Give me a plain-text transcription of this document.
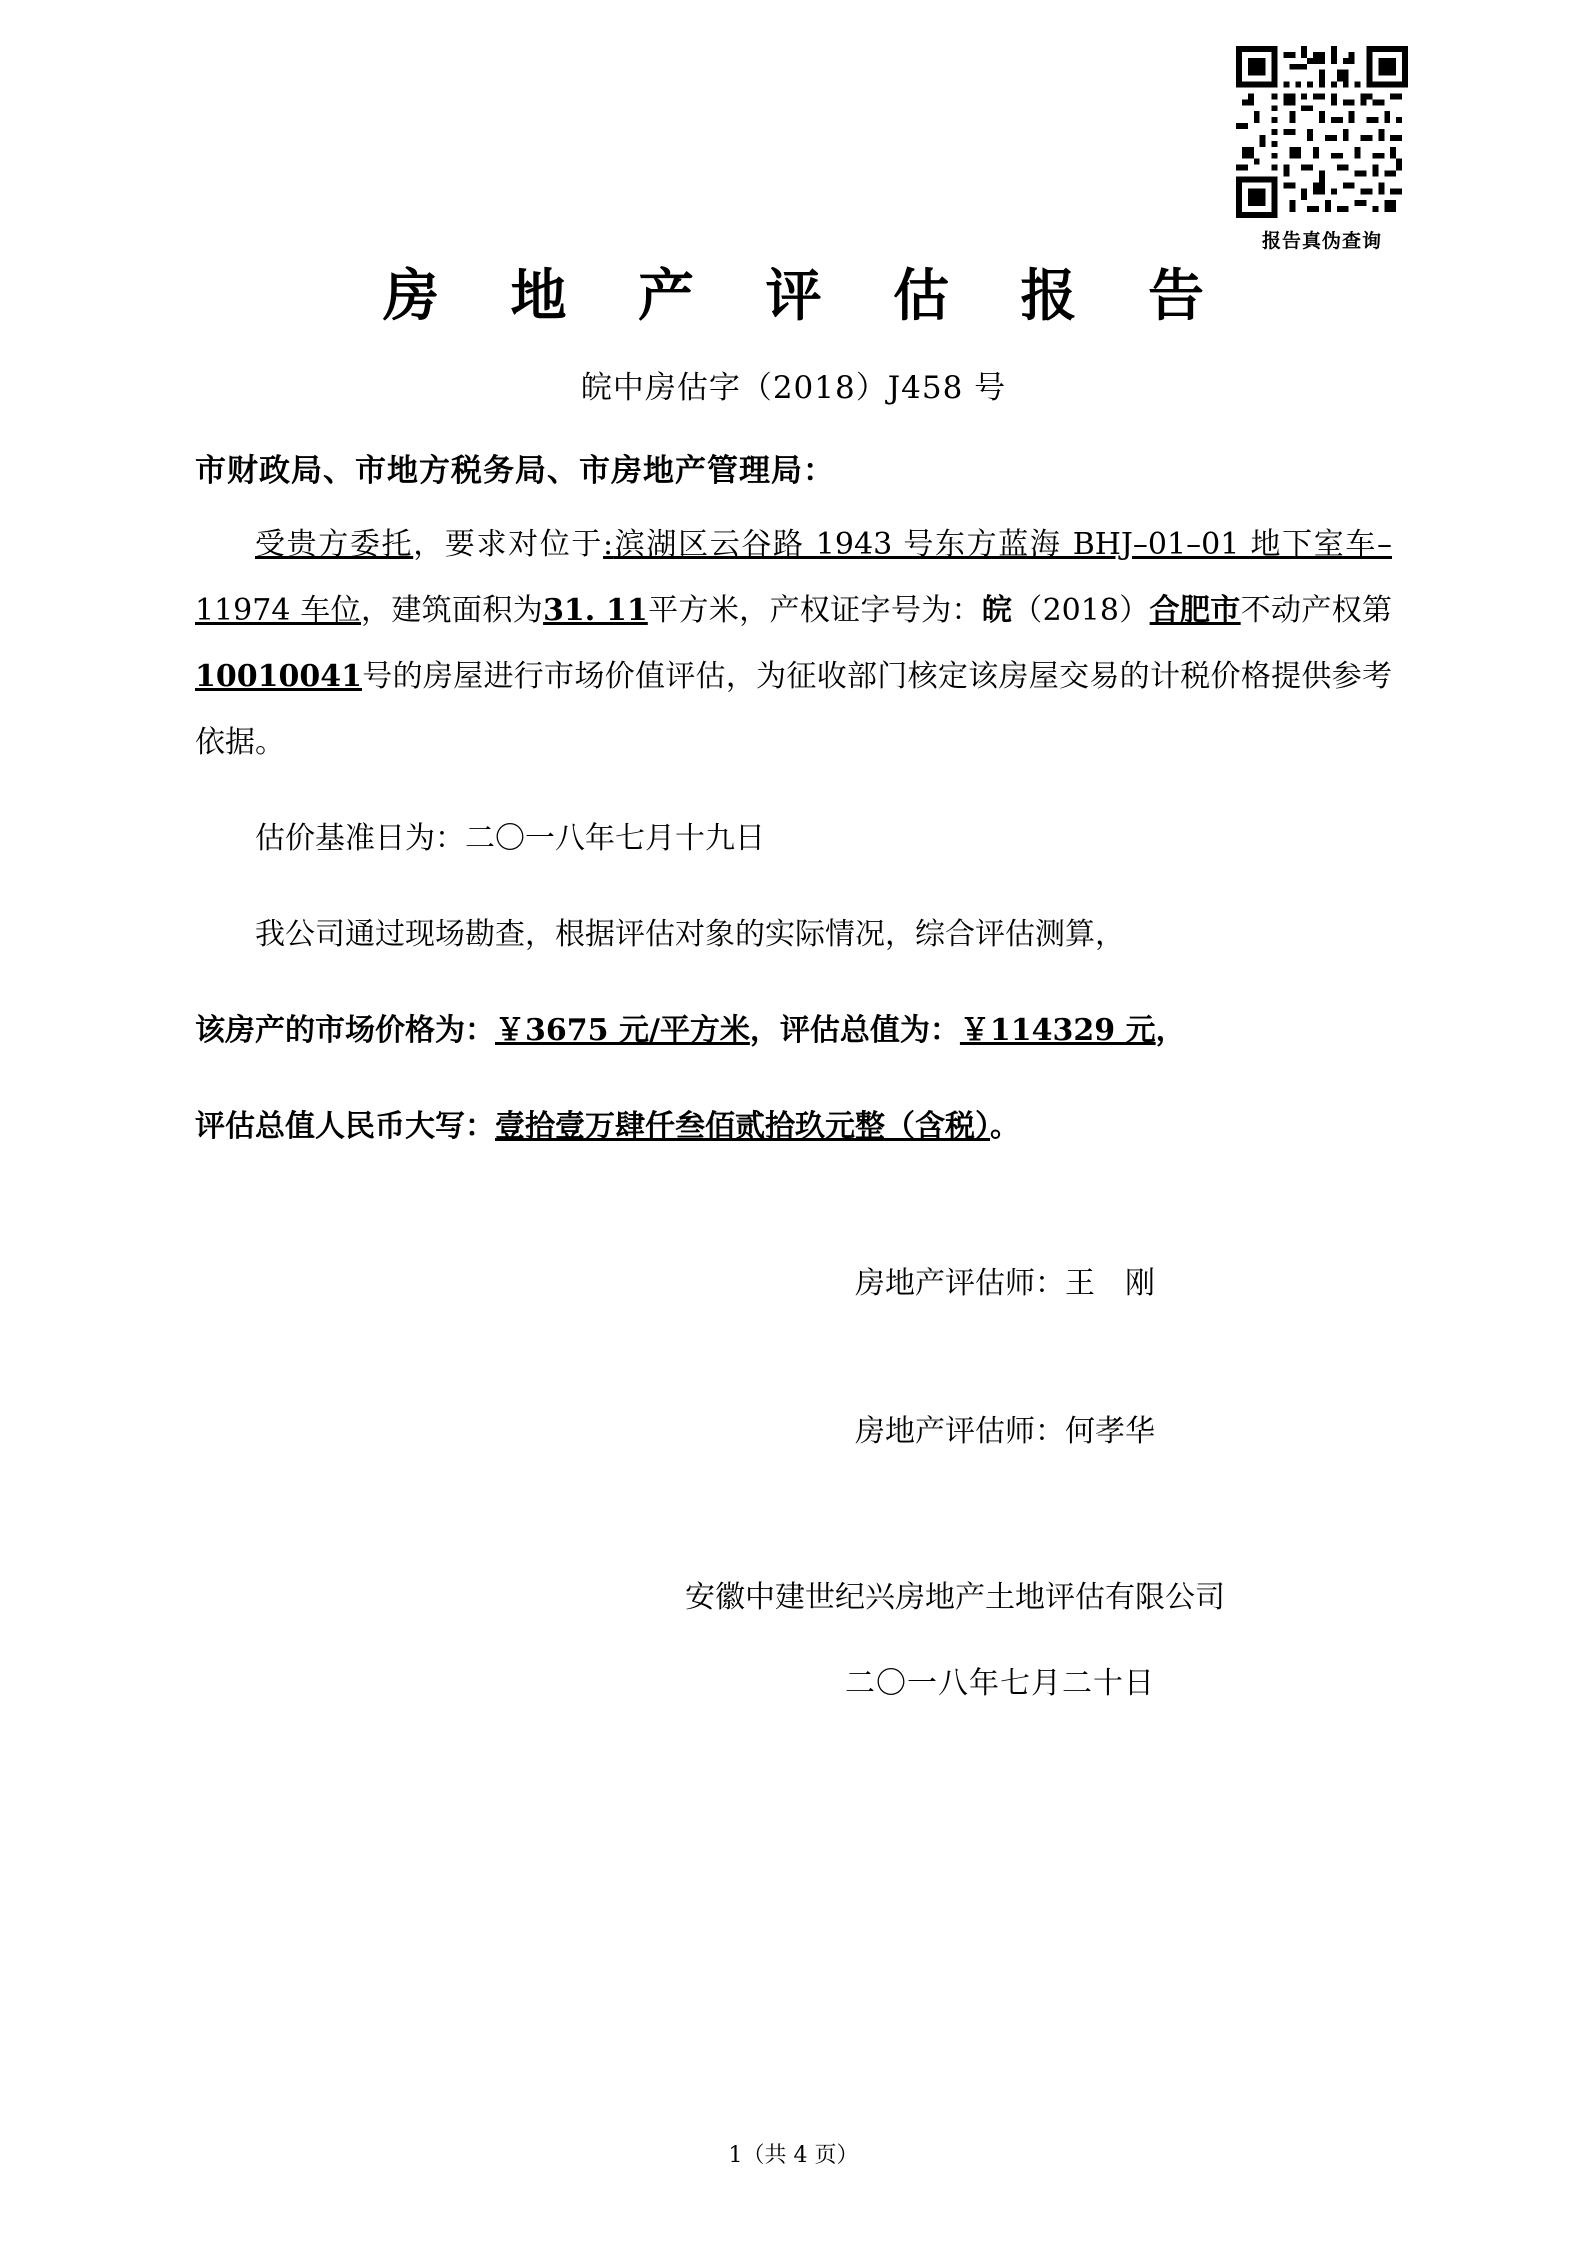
报告真伪查询
房 地 产 评 估 报 告
皖中房估字（2018）J458 号
市财政局、市地方税务局、市房地产管理局：

受贵方委托，要求对位于:滨湖区云谷路 1943 号东方蓝海 BHJ–01–01 地下室车–11974 车位，建筑面积为31. 11平方米，产权证字号为：皖（2018）合肥市不动产权第10010041号的房屋进行市场价值评估，为征收部门核定该房屋交易的计税价格提供参考依据。

估价基准日为：二〇一八年七月十九日

我公司通过现场勘查，根据评估对象的实际情况，综合评估测算，

该房产的市场价格为：￥3675 元/平方米，评估总值为：￥114329 元，

评估总值人民币大写：壹拾壹万肆仟叁佰贰拾玖元整（含税）。

房地产评估师：王　刚
房地产评估师：何孝华
安徽中建世纪兴房地产土地评估有限公司
二〇一八年七月二十日
1（共 4 页）
